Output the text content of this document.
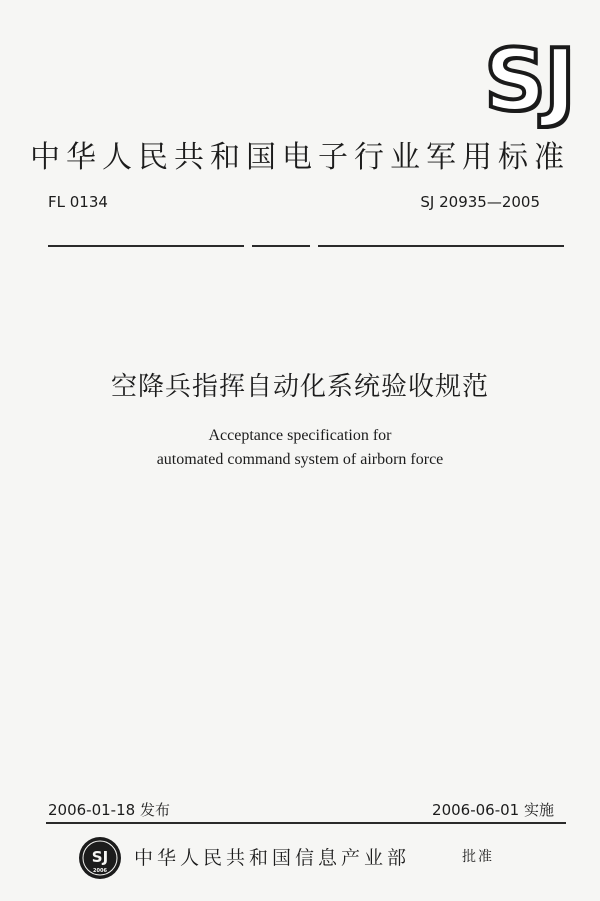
SJ
中华人民共和国电子行业军用标准
FL 0134	SJ 20935—2005
空降兵指挥自动化系统验收规范
Acceptance specification for
automated command system of airborn force
2006-01-18 发布	2006-06-01 实施
SJ
2006
中华人民共和国信息产业部	批准
